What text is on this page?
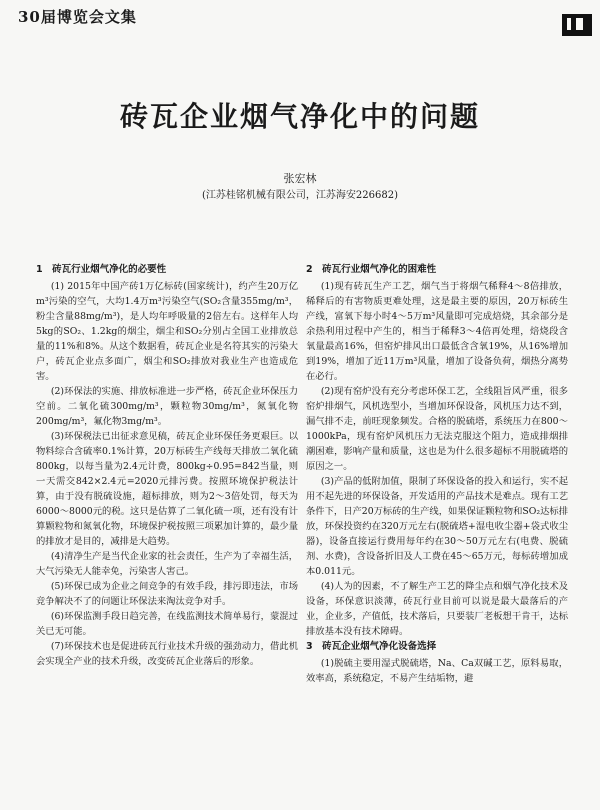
30届博览会文集
砖瓦企业烟气净化中的问题
张宏林
(江苏桂铭机械有限公司，江苏海安226682)
1　砖瓦行业烟气净化的必要性

(1) 2015年中国产砖1万亿标砖(国家统计)，约产生20万亿m³污染的空气，大均1.4万m³污染空气(SO₂含量355mg/m³，粉尘含量88mg/m³)，是人均年呼吸量的2倍左右。这样年人均5kg的SO₂、1.2kg的烟尘，烟尘和SO₂分别占全国工业排放总量的11%和8%。从这个数据看，砖瓦企业是名符其实的污染大户，砖瓦企业点多面广，烟尘和SO₂排放对我业生产也造成危害。

(2)环保法的实施、排放标准进一步严格，砖瓦企业环保压力空前。二氧化硫300mg/m³，颗粒物30mg/m³，氮氧化物200mg/m³，氟化物3mg/m³。

(3)环保税法已出征求意见稿，砖瓦企业环保任务更艰巨。以物料综合含硫率0.1%计算，20万标砖生产线每天排放二氧化硫800kg，以每当量为2.4元计费，800kg÷0.95=842当量，则一天需交842×2.4元=2020元排污费。按照环境保护税法计算，由于没有脱硫设施，超标排放，则为2～3倍处罚，每天为6000～8000元的税。这只是估算了二氧化硫一项，还有没有计算颗粒物和氮氧化物，环境保护税按照三项累加计算的，最少量的排放才是目的，减排是大趋势。

(4)清净生产是当代企业家的社会责任，生产为了幸福生活，大气污染无人能幸免，污染害人害己。

(5)环保已成为企业之间竞争的有效手段，排污即违法，市场竞争解决不了的问题让环保法来淘汰竞争对手。

(6)环保监测手段日趋完善，在线监测技术简单易行，蒙混过关已无可能。

(7)环保技术也是促进砖瓦行业技术升级的强劲动力，借此机会实现全产业的技术升级，改变砖瓦企业落后的形象。

2　砖瓦行业烟气净化的困难性

(1)现有砖瓦生产工艺，烟气当于将烟气稀释4～8倍排放，稀释后的有害物质更难处理，这是最主要的原因，20万标砖生产线，富氧下每小时4～5万m³风量即可完成焙烧，其余部分是余热利用过程中产生的，相当于稀释3～4倍再处理，焙烧段含氧量最高16%，但窑炉排风出口最低含含氧19%，从16%增加到19%，增加了近11万m³风量，增加了设备负荷，烟热分离势在必行。

(2)现有窑炉没有充分考虑环保工艺，全线阻旨风严重，很多窑炉排烟气，风机选型小，当增加环保设备，风机压力达不到，漏气排不走，前旺现象频发。合格的脱硫塔，系统压力在800～1000kPa，现有窑炉风机压力无法克服这个阻力，造成排烟排潮困难，影响产量和质量，这也是为什么很多超标不用脱硫塔的原因之一。

(3)产品的低附加值，限制了环保设备的投入和运行，实不起用不起先进的环保设备，开发适用的产品技术是难点。现有工艺条件下，日产20万标砖的生产线，如果保证颗粒物和SO₂达标排放，环保投资约在320万元左右(脱硫塔+湿电收尘器+袋式收尘器)，设备直接运行费用每年约在30～50万元左右(电费、脱硫剂、水费)，含设备折旧及人工费在45～65万元，每标砖增加成本0.011元。

(4)人为的因素，不了解生产工艺的降尘点和烟气净化技术及设备，环保意识淡薄，砖瓦行业目前可以说是最大最落后的产业，企业多，产值低，技术落后，只要装厂老板想干肯干，达标排放基本没有技术障碍。

3　砖瓦企业烟气净化设备选择

(1)脱硫主要用湿式脱硫塔，Na、Ca双碱工艺，原料易取，效率高，系统稳定，不易产生结垢物，避
